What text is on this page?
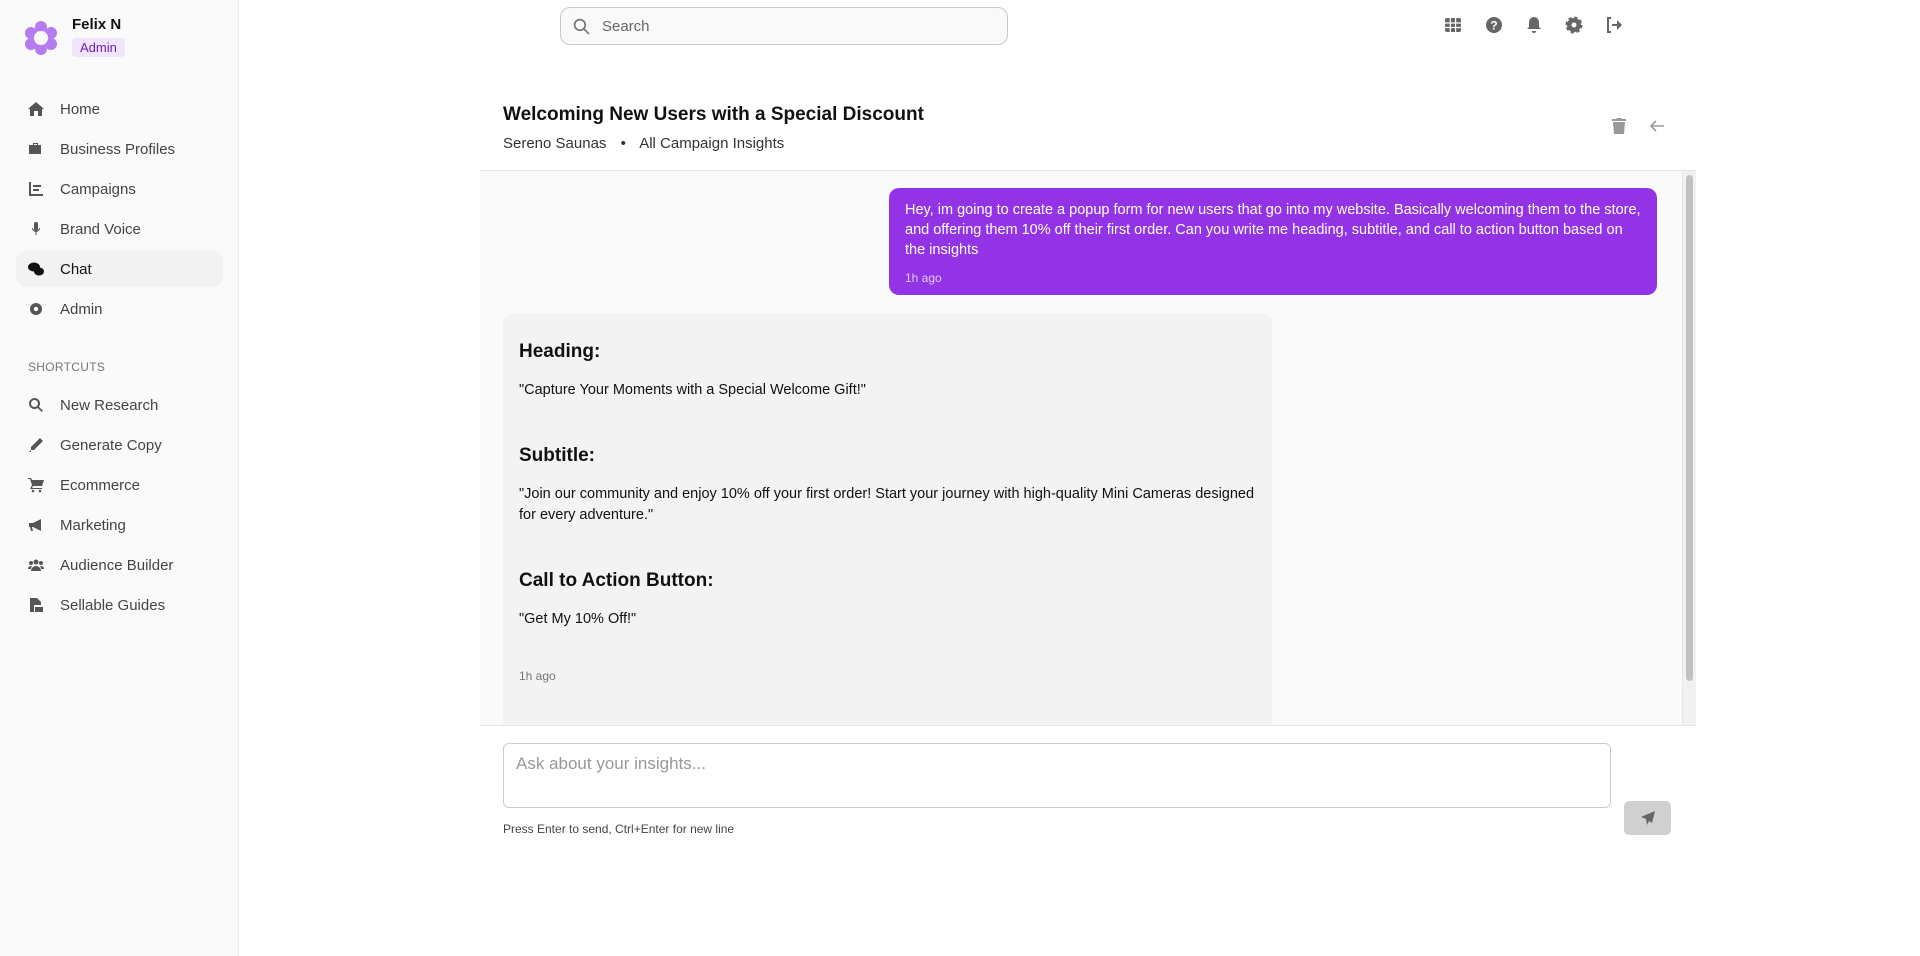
Felix N
Admin
Home
Business Profiles
Campaigns
Brand Voice
Chat
Admin
SHORTCUTS
New Research
Generate Copy
Ecommerce
Marketing
Audience Builder
Sellable Guides
Search	?
Welcoming New Users with a Special Discount
Sereno Saunas • All Campaign Insights
Hey, im going to create a popup form for new users that go into my website. Basically welcoming them to the store, and offering them 10% off their first order. Can you write me heading, subtitle, and call to action button based on the insights
1h ago
Heading:

"Capture Your Moments with a Special Welcome Gift!"

Subtitle:

"Join our community and enjoy 10% off your first order! Start your journey with high-quality Mini Cameras designed for every adventure."

Call to Action Button:

"Get My 10% Off!"

1h ago
Ask about your insights...
Press Enter to send, Ctrl+Enter for new line
